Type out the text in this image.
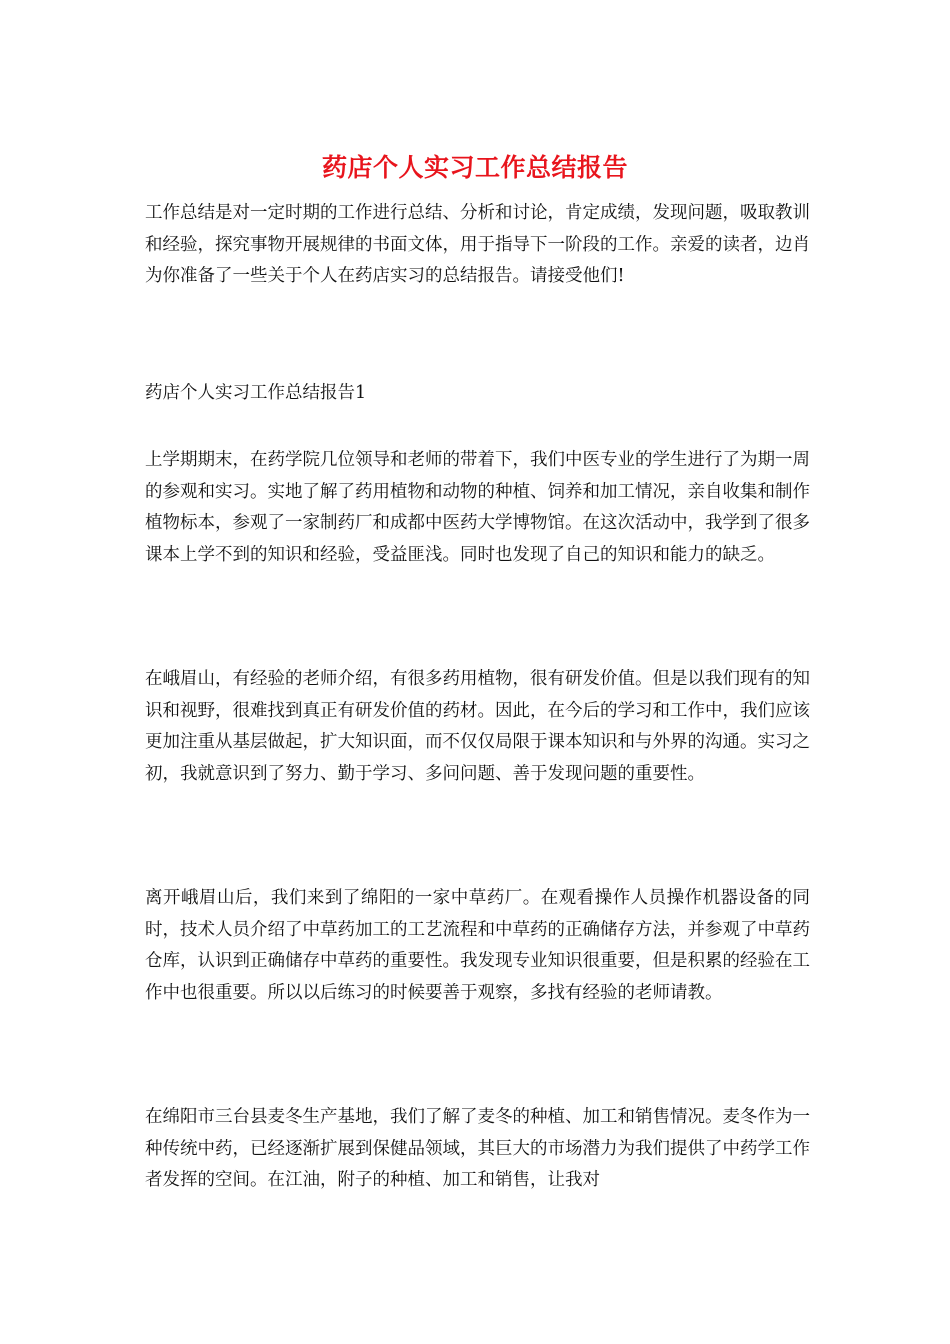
药店个人实习工作总结报告

工作总结是对一定时期的工作进行总结、分析和讨论，肯定成绩，发现问题，吸取教训和经验，探究事物开展规律的书面文体，用于指导下一阶段的工作。亲爱的读者，边肖为你准备了一些关于个人在药店实习的总结报告。请接受他们!

药店个人实习工作总结报告1

上学期期末，在药学院几位领导和老师的带着下，我们中医专业的学生进行了为期一周的参观和实习。实地了解了药用植物和动物的种植、饲养和加工情况，亲自收集和制作植物标本，参观了一家制药厂和成都中医药大学博物馆。在这次活动中，我学到了很多课本上学不到的知识和经验，受益匪浅。同时也发现了自己的知识和能力的缺乏。

在峨眉山，有经验的老师介绍，有很多药用植物，很有研发价值。但是以我们现有的知识和视野，很难找到真正有研发价值的药材。因此，在今后的学习和工作中，我们应该更加注重从基层做起，扩大知识面，而不仅仅局限于课本知识和与外界的沟通。实习之初，我就意识到了努力、勤于学习、多问问题、善于发现问题的重要性。

离开峨眉山后，我们来到了绵阳的一家中草药厂。在观看操作人员操作机器设备的同时，技术人员介绍了中草药加工的工艺流程和中草药的正确储存方法，并参观了中草药仓库，认识到正确储存中草药的重要性。我发现专业知识很重要，但是积累的经验在工作中也很重要。所以以后练习的时候要善于观察，多找有经验的老师请教。

在绵阳市三台县麦冬生产基地，我们了解了麦冬的种植、加工和销售情况。麦冬作为一种传统中药，已经逐渐扩展到保健品领域，其巨大的市场潜力为我们提供了中药学工作者发挥的空间。在江油，附子的种植、加工和销售，让我对
